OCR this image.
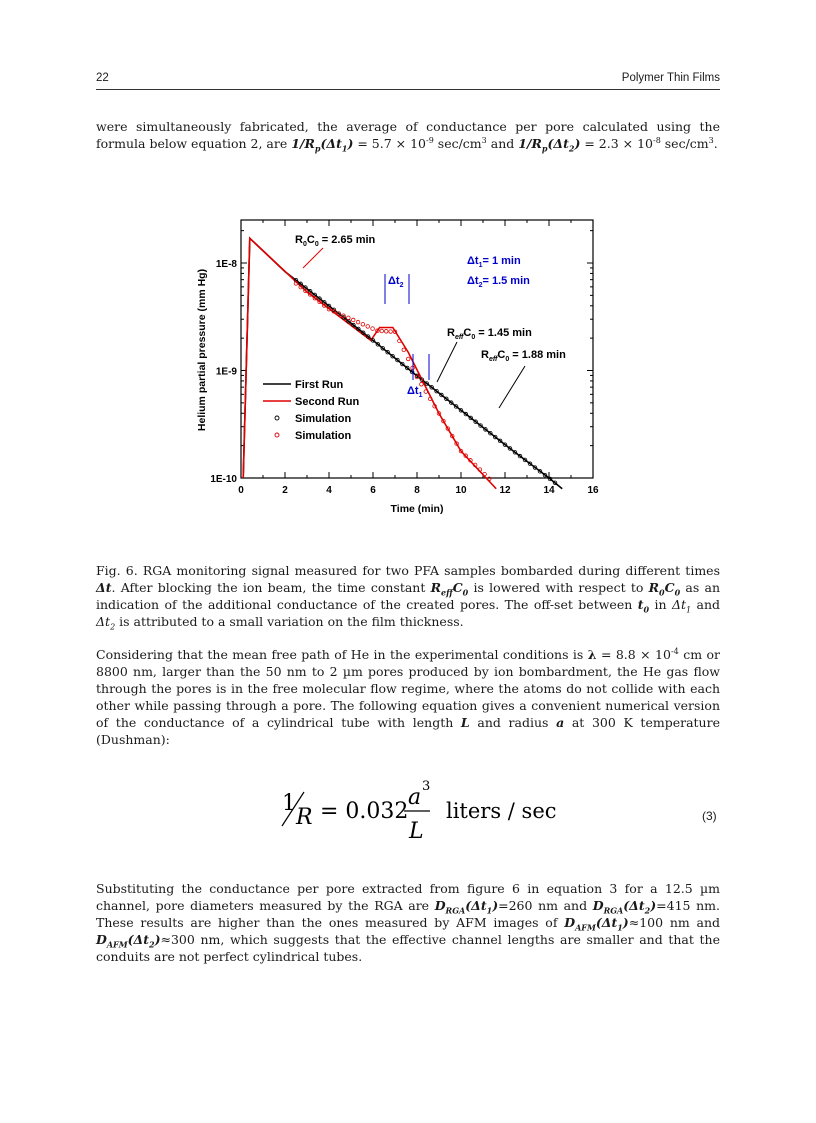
22	Polymer Thin Films
were simultaneously fabricated, the average of conductance per pore calculated using the formula below equation 2, are $1/R_p(\Delta t_1) = 5.7 \times 10^{-9}$ $\sec/cm^3$ and $1/R_p(\Delta t_2) = 2.3 \times 10^{-8}$ $\sec/cm^3$.
0	2	4	6	8	10	12	14	16
1E-10
1E-9
1E-8
Time (min)
Helium partial pressure (mm Hg)
$R_0C_0 = 2.65$ min
$\Delta t_1= 1$ min
$\Delta t_2= 1.5$ min
$\Delta t_2$
$\Delta t_1$
$R_{eff}C_0 = 1.45$ min
$R_{eff}C_0 = 1.88$ min
First Run
Second Run
Simulation
Simulation
Fig. 6. RGA monitoring signal measured for two PFA samples bombarded during different times Δt. After blocking the ion beam, the time constant $R_{eff}C_0$ is lowered with respect to $R_0C_0$ as an indication of the additional conductance of the created pores. The off-set between $t_0$ in $\Delta t_1$ and $\Delta t_2$ is attributed to a small variation on the film thickness.
Considering that the mean free path of He in the experimental conditions is $\lambda = 8.8 \times 10^{-4}$ cm or 8800 nm, larger than the 50 nm to 2 µm pores produced by ion bombardment, the He gas flow through the pores is in the free molecular flow regime, where the atoms do not collide with each other while passing through a pore. The following equation gives a convenient numerical version of the conductance of a cylindrical tube with length L and radius a at 300 K temperature (Dushman):
1
R = 0.032
a 3
L
liters / sec	(3)
Substituting the conductance per pore extracted from figure 6 in equation 3 for a 12.5 µm channel, pore diameters measured by the RGA are $D_{RGA}(\Delta t_1)=260$ nm and $D_{RGA}(\Delta t_2)=415$ nm. These results are higher than the ones measured by AFM images of $D_{AFM}(\Delta t_1)\approx 100$ nm and $D_{AFM}(\Delta t_2)\approx 300$ nm, which suggests that the effective channel lengths are smaller and that the conduits are not perfect cylindrical tubes.
